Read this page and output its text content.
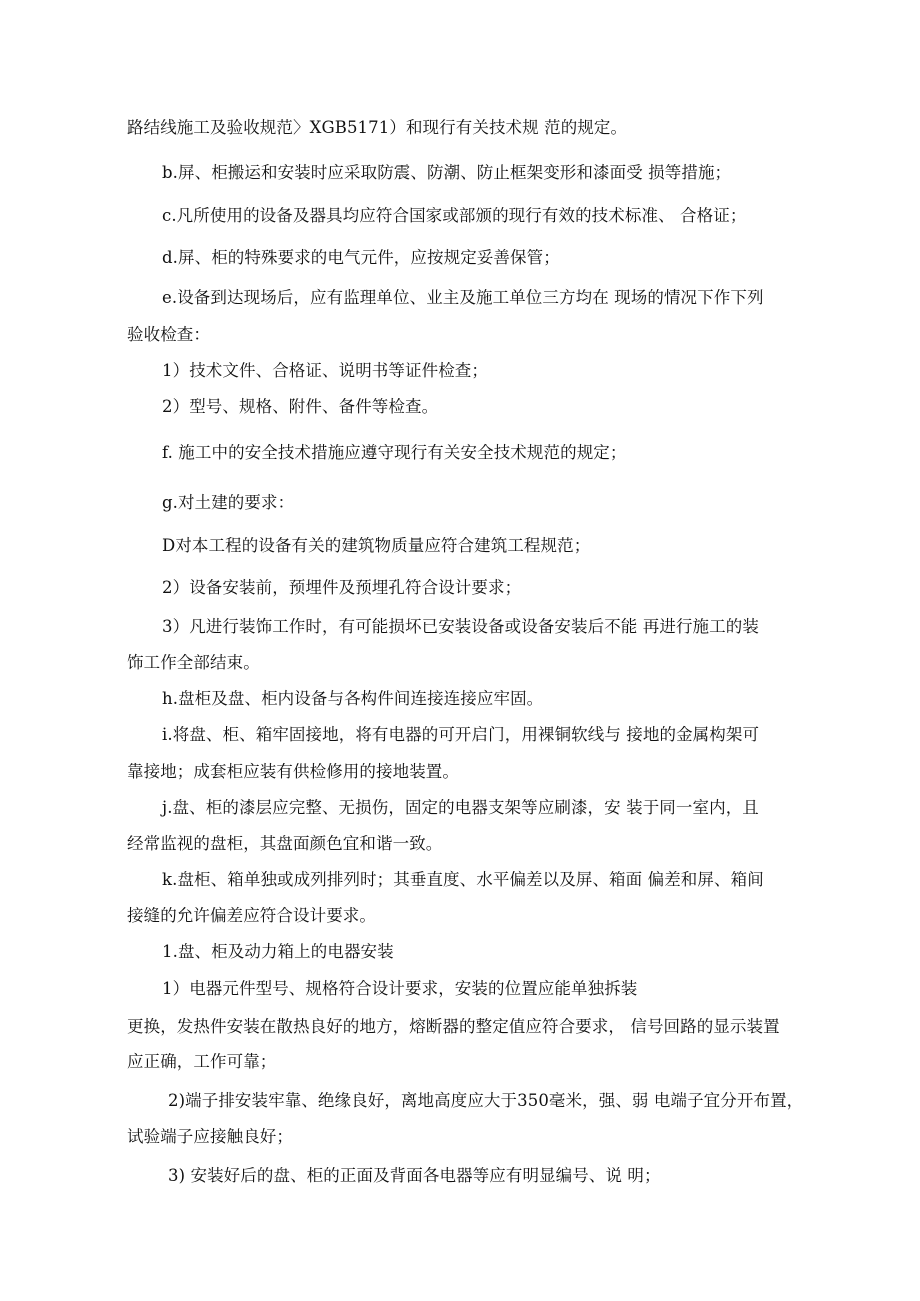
路结线施工及验收规范〉XGB5171）和现行有关技术规 范的规定。
b.屏、柜搬运和安装时应采取防震、防潮、防止框架变形和漆面受 损等措施；
c.凡所使用的设备及器具均应符合国家或部颁的现行有效的技术标准、 合格证；
d.屏、柜的特殊要求的电气元件，应按规定妥善保管；
e.设备到达现场后，应有监理单位、业主及施工单位三方均在 现场的情况下作下列
验收检查：
1）技术文件、合格证、说明书等证件检查；
2）型号、规格、附件、备件等检查。
f. 施工中的安全技术措施应遵守现行有关安全技术规范的规定；
g.对土建的要求：
D对本工程的设备有关的建筑物质量应符合建筑工程规范；
2）设备安装前，预埋件及预埋孔符合设计要求；
3）凡进行装饰工作时，有可能损坏已安装设备或设备安装后不能 再进行施工的装
饰工作全部结束。
h.盘柜及盘、柜内设备与各构件间连接连接应牢固。
i.将盘、柜、箱牢固接地，将有电器的可开启门，用裸铜软线与 接地的金属构架可
靠接地；成套柜应装有供检修用的接地装置。
j.盘、柜的漆层应完整、无损伤，固定的电器支架等应刷漆，安 装于同一室内，且
经常监视的盘柜，其盘面颜色宜和谐一致。
k.盘柜、箱单独或成列排列时；其垂直度、水平偏差以及屏、箱面 偏差和屏、箱间
接缝的允许偏差应符合设计要求。
1.盘、柜及动力箱上的电器安装
1）电器元件型号、规格符合设计要求，安装的位置应能单独拆装
更换，发热件安装在散热良好的地方，熔断器的整定值应符合要求， 信号回路的显示装置
应正确，工作可靠；
2)端子排安装牢靠、绝缘良好，离地高度应大于350毫米，强、弱 电端子宜分开布置，
试验端子应接触良好；
3) 安装好后的盘、柜的正面及背面各电器等应有明显编号、说 明；
